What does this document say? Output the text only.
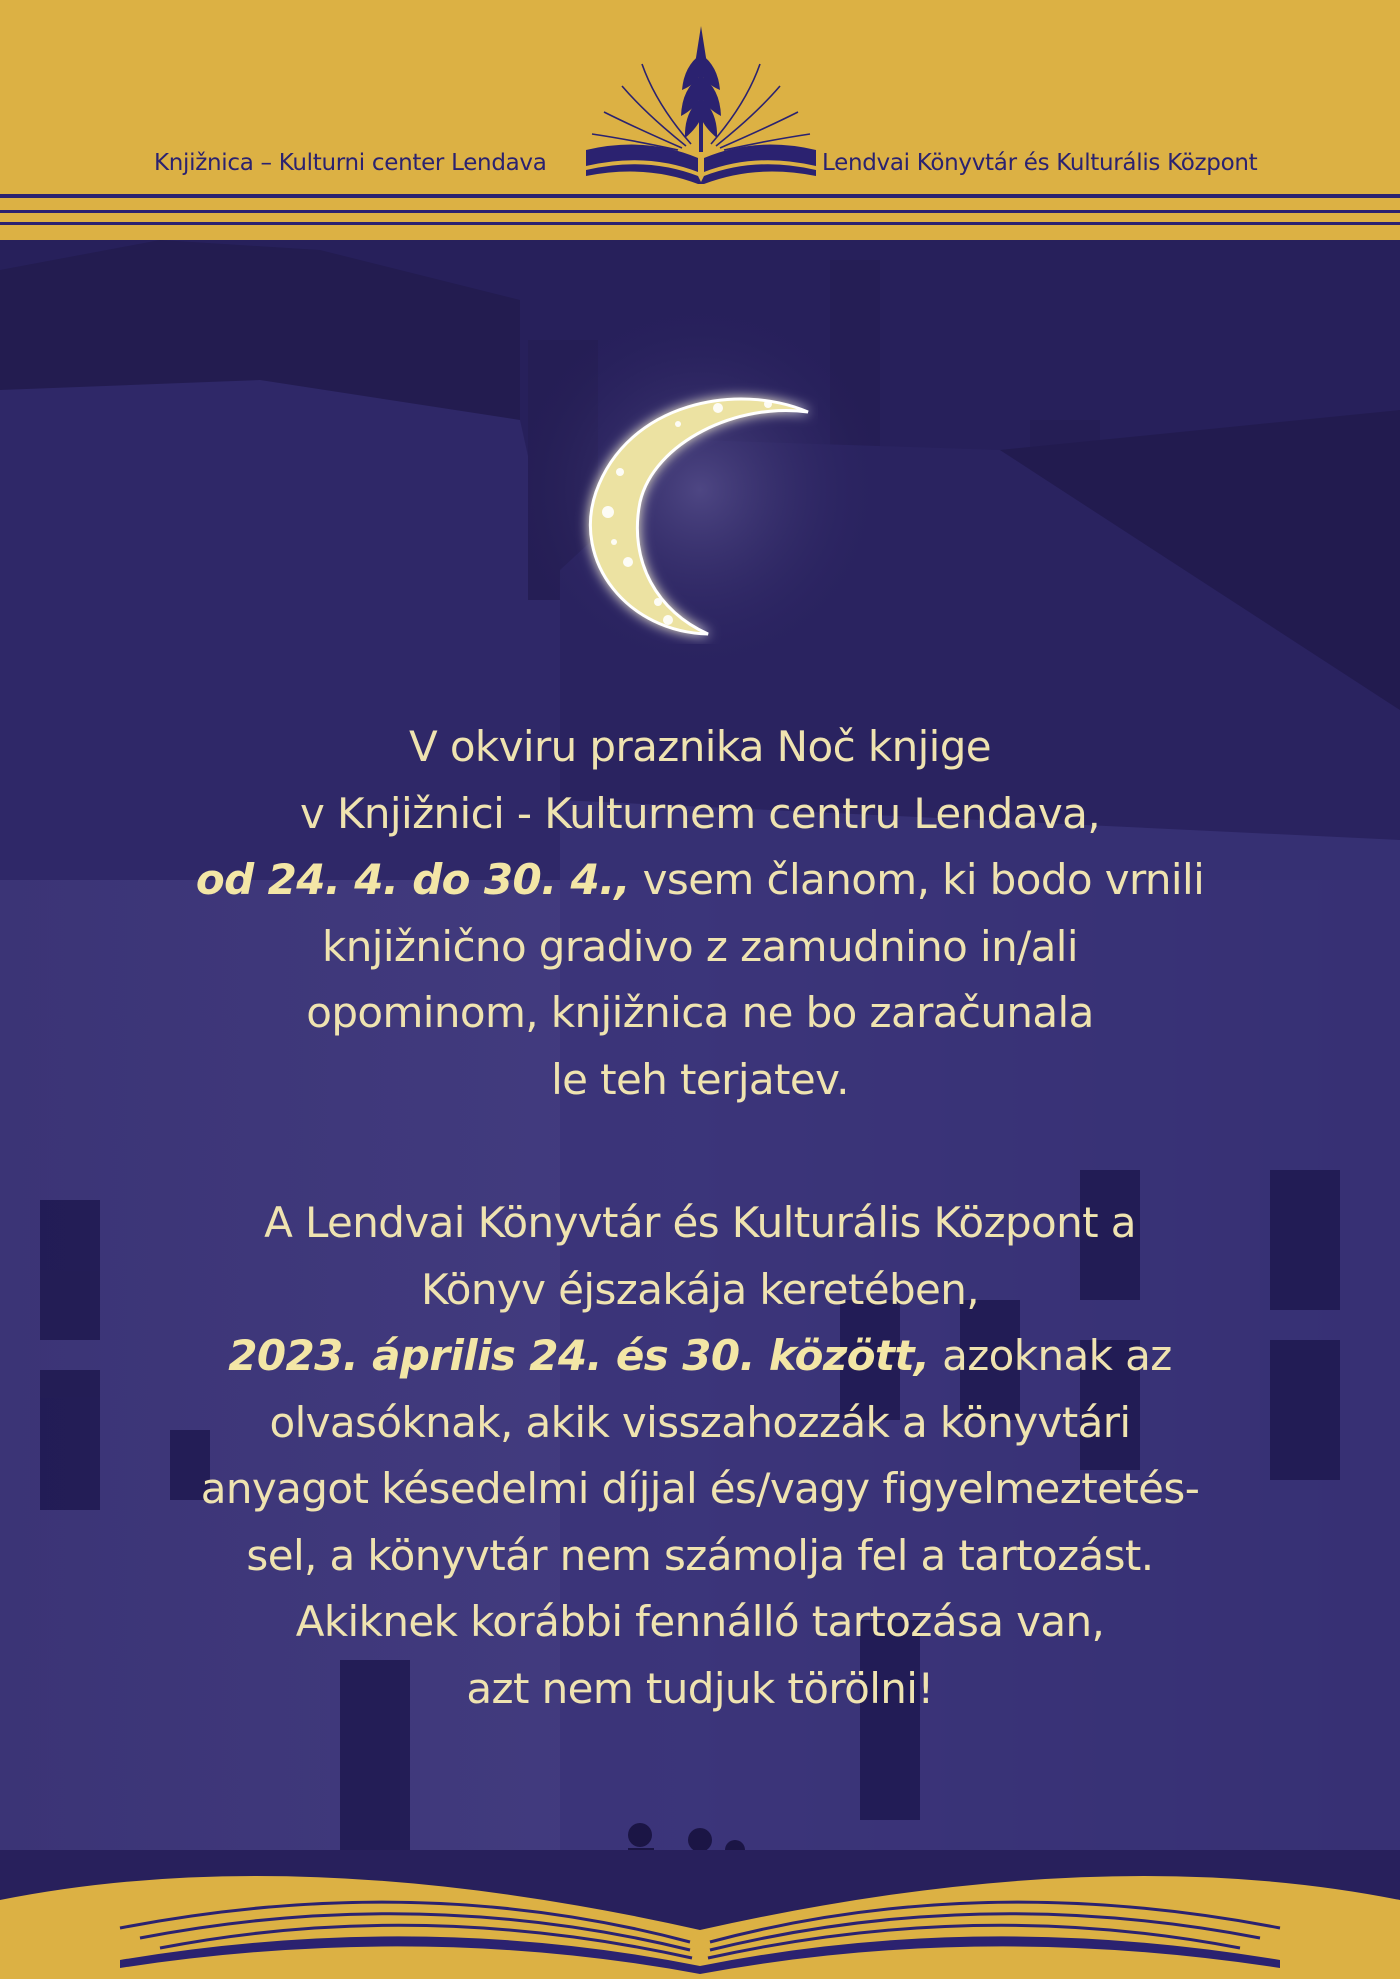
Knjižnica – Kulturni center Lendava	Lendvai Könyvtár és Kulturális Központ
V okviru praznika Noč knjige
v Knjižnici - Kulturnem centru Lendava,
od 24. 4. do 30. 4., vsem članom, ki bodo vrnili
knjižnično gradivo z zamudnino in/ali
opominom, knjižnica ne bo zaračunala
le teh terjatev.
A Lendvai Könyvtár és Kulturális Központ a
Könyv éjszakája keretében,
2023. április 24. és 30. között, azoknak az
olvasóknak, akik visszahozzák a könyvtári
anyagot késedelmi díjjal és/vagy figyelmeztetés-
sel, a könyvtár nem számolja fel a tartozást.
Akiknek korábbi fennálló tartozása van,
azt nem tudjuk törölni!
